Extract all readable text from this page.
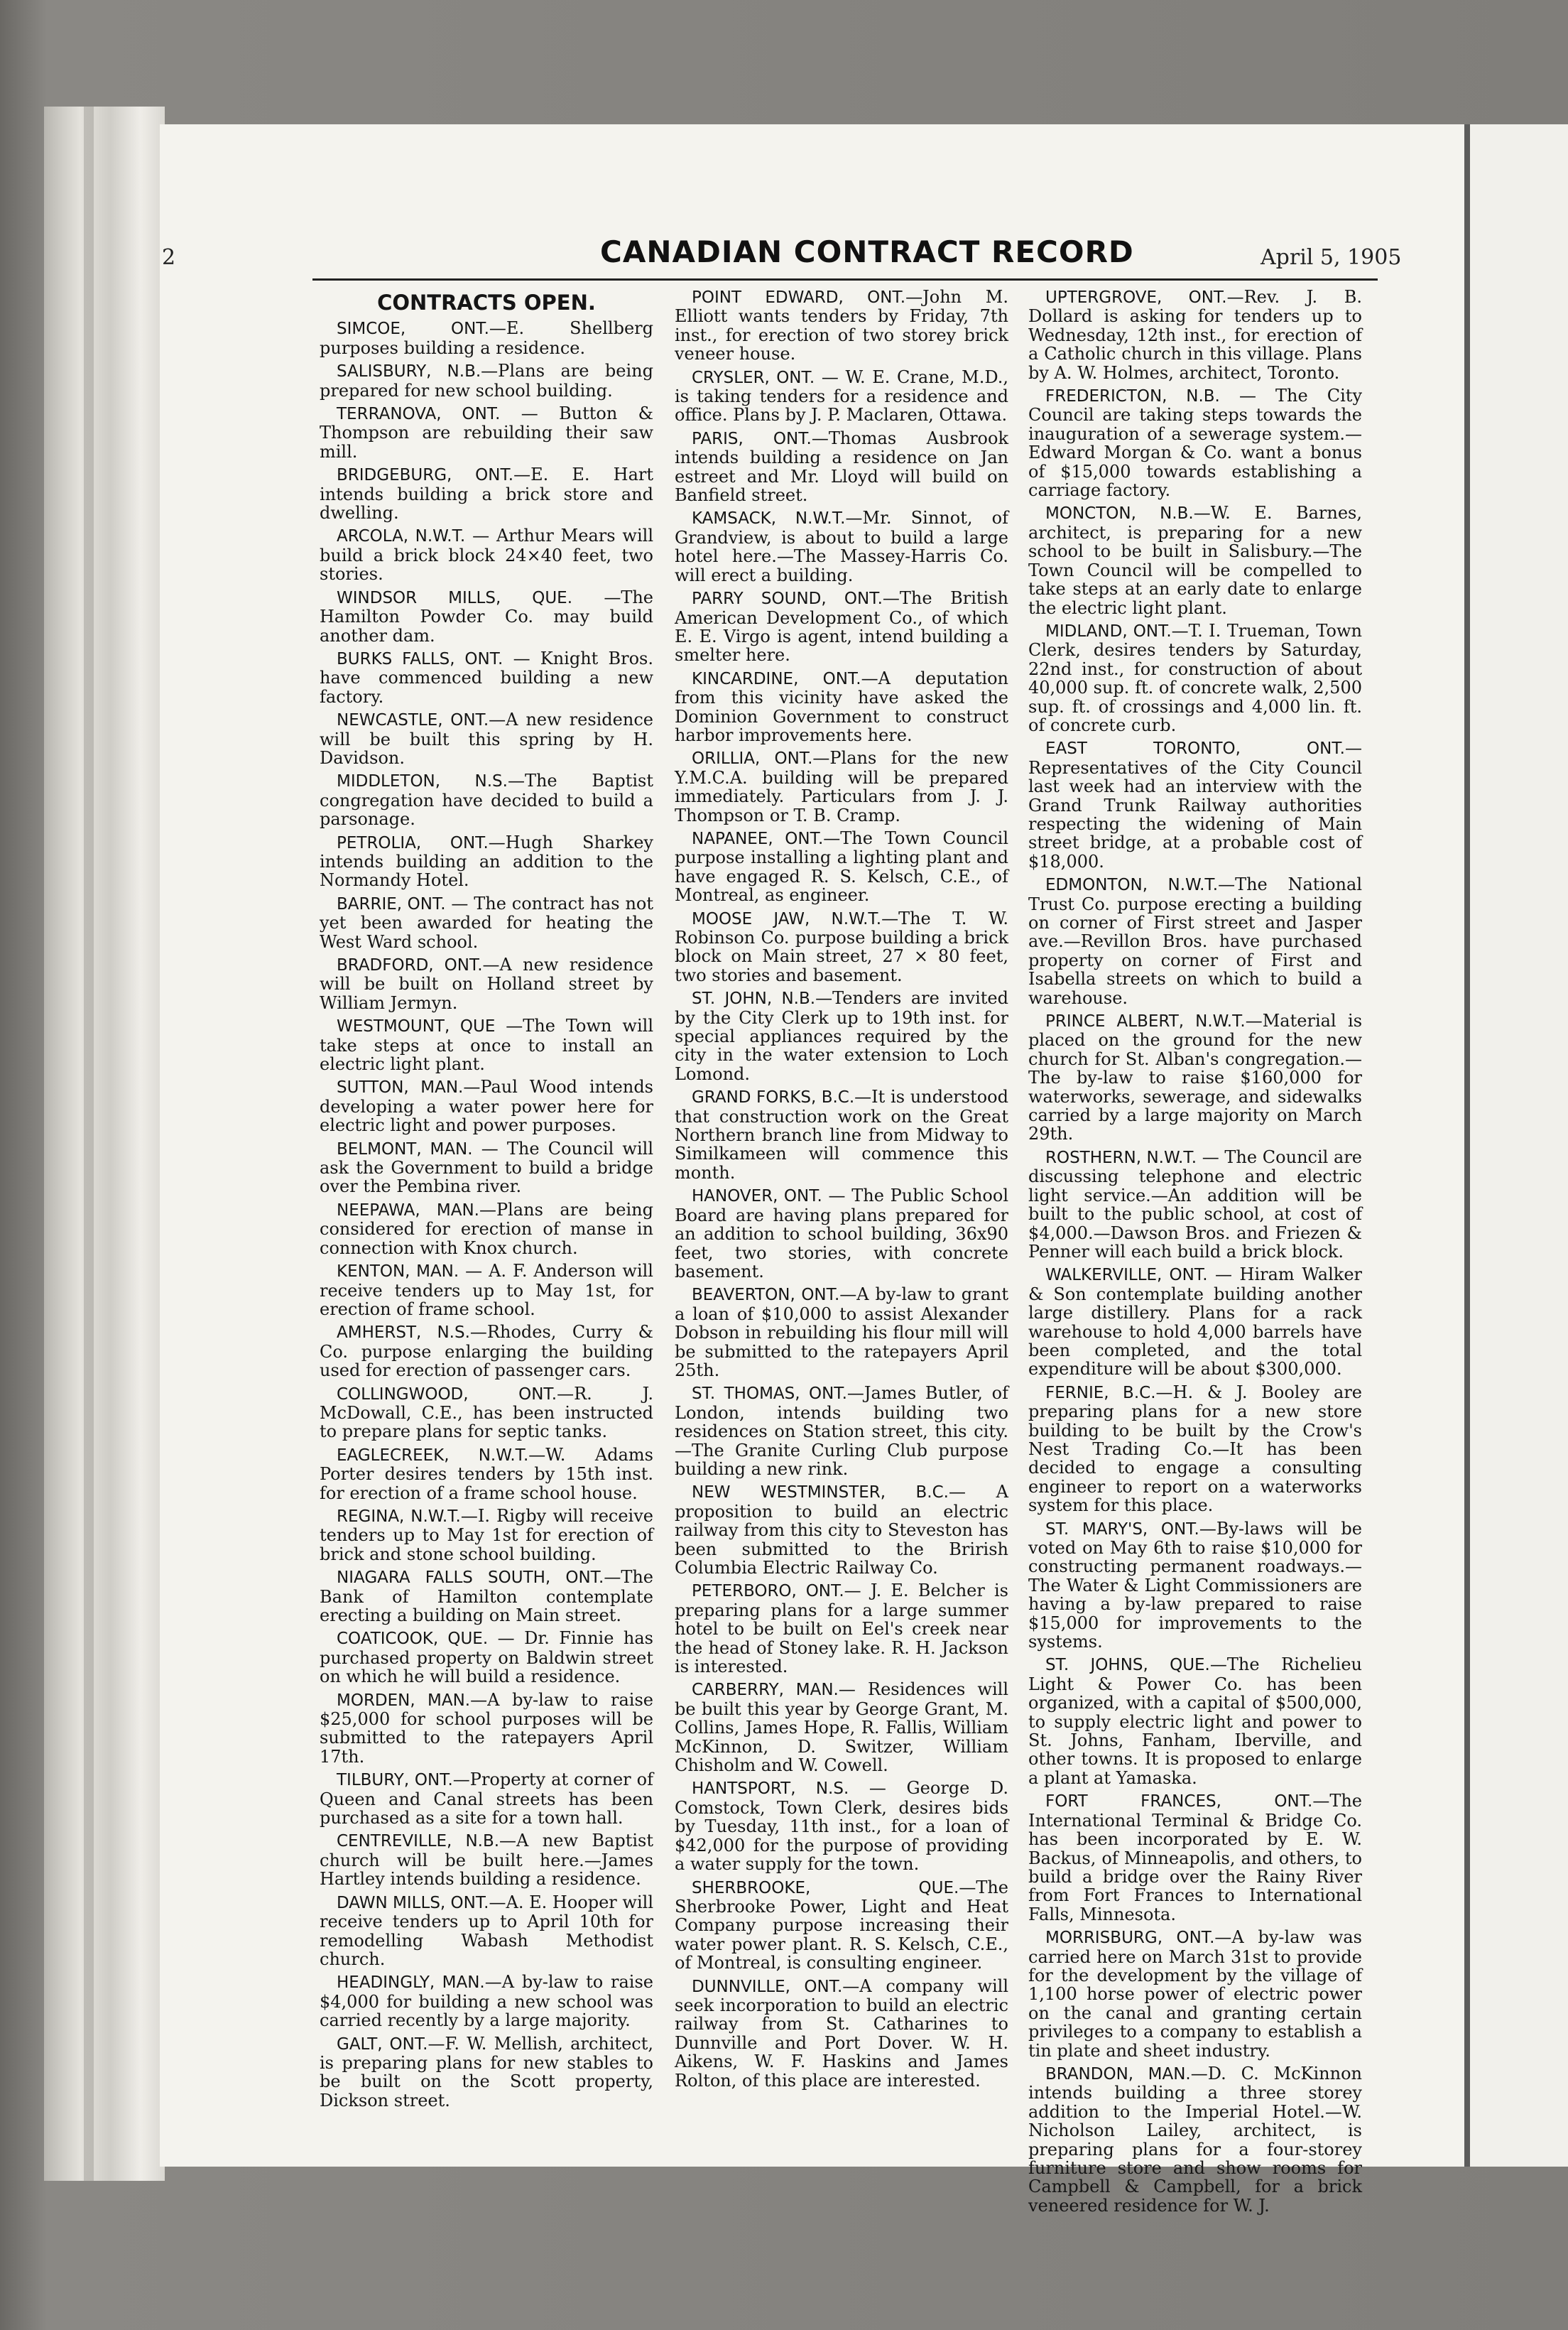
2	CANADIAN CONTRACT RECORD	April 5, 1905
CONTRACTS OPEN.

SIMCOE, ONT.—E. Shellberg purposes building a residence.

SALISBURY, N.B.—Plans are being prepared for new school building.

TERRANOVA, ONT. — Button & Thompson are rebuilding their saw mill.

BRIDGEBURG, ONT.—E. E. Hart intends building a brick store and dwelling.

ARCOLA, N.W.T. — Arthur Mears will build a brick block 24×40 feet, two stories.

WINDSOR MILLS, QUE. —The Hamilton Powder Co. may build another dam.

BURKS FALLS, ONT. — Knight Bros. have commenced building a new factory.

NEWCASTLE, ONT.—A new residence will be built this spring by H. Davidson.

MIDDLETON, N.S.—The Baptist congregation have decided to build a parsonage.

PETROLIA, ONT.—Hugh Sharkey intends building an addition to the Normandy Hotel.

BARRIE, ONT. — The contract has not yet been awarded for heating the West Ward school.

BRADFORD, ONT.—A new residence will be built on Holland street by William Jermyn.

WESTMOUNT, QUE —The Town will take steps at once to install an electric light plant.

SUTTON, MAN.—Paul Wood intends developing a water power here for electric light and power purposes.

BELMONT, MAN. — The Council will ask the Government to build a bridge over the Pembina river.

NEEPAWA, MAN.—Plans are being considered for erection of manse in connection with Knox church.

KENTON, MAN. — A. F. Anderson will receive tenders up to May 1st, for erection of frame school.

AMHERST, N.S.—Rhodes, Curry & Co. purpose enlarging the building used for erection of passenger cars.

COLLINGWOOD, ONT.—R. J. McDowall, C.E., has been instructed to prepare plans for septic tanks.

EAGLECREEK, N.W.T.—W. Adams Porter desires tenders by 15th inst. for erection of a frame school house.

REGINA, N.W.T.—I. Rigby will receive tenders up to May 1st for erection of brick and stone school building.

NIAGARA FALLS SOUTH, ONT.—The Bank of Hamilton contemplate erecting a building on Main street.

COATICOOK, QUE. — Dr. Finnie has purchased property on Baldwin street on which he will build a residence.

MORDEN, MAN.—A by-law to raise $25,000 for school purposes will be submitted to the ratepayers April 17th.

TILBURY, ONT.—Property at corner of Queen and Canal streets has been purchased as a site for a town hall.

CENTREVILLE, N.B.—A new Baptist church will be built here.—James Hartley intends building a residence.

DAWN MILLS, ONT.—A. E. Hooper will receive tenders up to April 10th for remodelling Wabash Methodist church.

HEADINGLY, MAN.—A by-law to raise $4,000 for building a new school was carried recently by a large majority.

GALT, ONT.—F. W. Mellish, architect, is preparing plans for new stables to be built on the Scott property, Dickson street.

POINT EDWARD, ONT.—John M. Elliott wants tenders by Friday, 7th inst., for erection of two storey brick veneer house.

CRYSLER, ONT. — W. E. Crane, M.D., is taking tenders for a residence and office. Plans by J. P. Maclaren, Ottawa.

PARIS, ONT.—Thomas Ausbrook intends building a residence on Jan estreet and Mr. Lloyd will build on Banfield street.

KAMSACK, N.W.T.—Mr. Sinnot, of Grandview, is about to build a large hotel here.—The Massey-Harris Co. will erect a building.

PARRY SOUND, ONT.—The British American Development Co., of which E. E. Virgo is agent, intend building a smelter here.

KINCARDINE, ONT.—A deputation from this vicinity have asked the Dominion Government to construct harbor improvements here.

ORILLIA, ONT.—Plans for the new Y.M.C.A. building will be prepared immediately. Particulars from J. J. Thompson or T. B. Cramp.

NAPANEE, ONT.—The Town Council purpose installing a lighting plant and have engaged R. S. Kelsch, C.E., of Montreal, as engineer.

MOOSE JAW, N.W.T.—The T. W. Robinson Co. purpose building a brick block on Main street, 27 × 80 feet, two stories and basement.

ST. JOHN, N.B.—Tenders are invited by the City Clerk up to 19th inst. for special appliances required by the city in the water extension to Loch Lomond.

GRAND FORKS, B.C.—It is understood that construction work on the Great Northern branch line from Midway to Similkameen will commence this month.

HANOVER, ONT. — The Public School Board are having plans prepared for an addition to school building, 36x90 feet, two stories, with concrete basement.

BEAVERTON, ONT.—A by-law to grant a loan of $10,000 to assist Alexander Dobson in rebuilding his flour mill will be submitted to the ratepayers April 25th.

ST. THOMAS, ONT.—James Butler, of London, intends building two residences on Station street, this city.—The Granite Curling Club purpose building a new rink.

NEW WESTMINSTER, B.C.— A proposition to build an electric railway from this city to Steveston has been submitted to the Brirish Columbia Electric Railway Co.

PETERBORO, ONT.— J. E. Belcher is preparing plans for a large summer hotel to be built on Eel's creek near the head of Stoney lake. R. H. Jackson is interested.

CARBERRY, MAN.— Residences will be built this year by George Grant, M. Collins, James Hope, R. Fallis, William McKinnon, D. Switzer, William Chisholm and W. Cowell.

HANTSPORT, N.S. — George D. Comstock, Town Clerk, desires bids by Tuesday, 11th inst., for a loan of $42,000 for the purpose of providing a water supply for the town.

SHERBROOKE, QUE.—The Sherbrooke Power, Light and Heat Company purpose increasing their water power plant. R. S. Kelsch, C.E., of Montreal, is consulting engineer.

DUNNVILLE, ONT.—A company will seek incorporation to build an electric railway from St. Catharines to Dunnville and Port Dover. W. H. Aikens, W. F. Haskins and James Rolton, of this place are interested.

UPTERGROVE, ONT.—Rev. J. B. Dollard is asking for tenders up to Wednesday, 12th inst., for erection of a Catholic church in this village. Plans by A. W. Holmes, architect, Toronto.

FREDERICTON, N.B. — The City Council are taking steps towards the inauguration of a sewerage system.—Edward Morgan & Co. want a bonus of $15,000 towards establishing a carriage factory.

MONCTON, N.B.—W. E. Barnes, architect, is preparing for a new school to be built in Salisbury.—The Town Council will be compelled to take steps at an early date to enlarge the electric light plant.

MIDLAND, ONT.—T. I. Trueman, Town Clerk, desires tenders by Saturday, 22nd inst., for construction of about 40,000 sup. ft. of concrete walk, 2,500 sup. ft. of crossings and 4,000 lin. ft. of concrete curb.

EAST TORONTO, ONT.—Representatives of the City Council last week had an interview with the Grand Trunk Railway authorities respecting the widening of Main street bridge, at a probable cost of $18,000.

EDMONTON, N.W.T.—The National Trust Co. purpose erecting a building on corner of First street and Jasper ave.—Revillon Bros. have purchased property on corner of First and Isabella streets on which to build a warehouse.

PRINCE ALBERT, N.W.T.—Material is placed on the ground for the new church for St. Alban's congregation.—The by-law to raise $160,000 for waterworks, sewerage, and sidewalks carried by a large majority on March 29th.

ROSTHERN, N.W.T. — The Council are discussing telephone and electric light service.—An addition will be built to the public school, at cost of $4,000.—Dawson Bros. and Friezen & Penner will each build a brick block.

WALKERVILLE, ONT. — Hiram Walker & Son contemplate building another large distillery. Plans for a rack warehouse to hold 4,000 barrels have been completed, and the total expenditure will be about $300,000.

FERNIE, B.C.—H. & J. Booley are preparing plans for a new store building to be built by the Crow's Nest Trading Co.—It has been decided to engage a consulting engineer to report on a waterworks system for this place.

ST. MARY'S, ONT.—By-laws will be voted on May 6th to raise $10,000 for constructing permanent roadways.—The Water & Light Commissioners are having a by-law prepared to raise $15,000 for improvements to the systems.

ST. JOHNS, QUE.—The Richelieu Light & Power Co. has been organized, with a capital of $500,000, to supply electric light and power to St. Johns, Fanham, Iberville, and other towns. It is proposed to enlarge a plant at Yamaska.

FORT FRANCES, ONT.—The International Terminal & Bridge Co. has been incorporated by E. W. Backus, of Minneapolis, and others, to build a bridge over the Rainy River from Fort Frances to International Falls, Minnesota.

MORRISBURG, ONT.—A by-law was carried here on March 31st to provide for the development by the village of 1,100 horse power of electric power on the canal and granting certain privileges to a company to establish a tin plate and sheet industry.

BRANDON, MAN.—D. C. McKinnon intends building a three storey addition to the Imperial Hotel.—W. Nicholson Lailey, architect, is preparing plans for a four-storey furniture store and show rooms for Campbell & Campbell, for a brick veneered residence for W. J.
